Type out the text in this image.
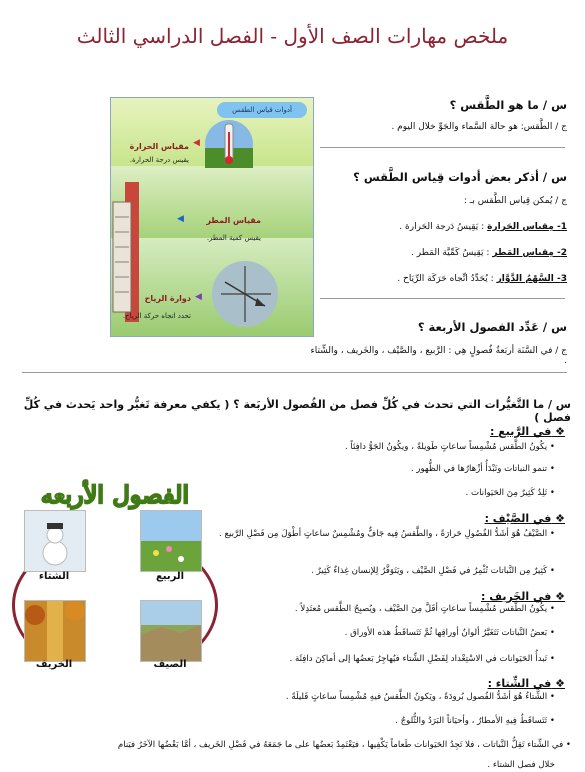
ملخص مهارات الصف الأول - الفصل الدراسي الثالث
أدوات قياس الطقس
◀
مقياس الحرارة
يقيس درجة الحرارة.
◀	مقياس المطر
يقيس كمية المطر.
◀
دوارة الرياح
تحدد اتجاه حركة الرياح.
س / ما هو الطَّقس ؟
ج / الطَّقس: هو حالة السَّماء والجَوِّ خلال اليوم .
س / أذكر بعض أدوات قِياس الطَّقس ؟
ج / يُمكن قِياس الطَّقس بـ :
1- مِقياس الحَرارة : يَقِيسُ دَرجة الحَرارة .
2- مِقياس المَطر : يَقِيسُ كَمِّيَّة المَطر .
3- السَّهْمُ الدَّوَّار : يُحَدِّدُ اتِّجاه حَرَكَة الرِّيَاح .
س / عَدِّد الفصول الأربعة ؟
ج / في السَّنَة أربَعةُ فُصولٍ هِي : الرَّبيع ، والصَّيْف ، والخَريف ، والشِّتاء .
س / ما التَّغيُّرات التي تحدث في كُلِّ فصل من الفُصول الأربَعة ؟ ( يكفي معرفة تَغيُّر واحد يَحدث في كُلِّ فصل )
الفصول الأربعه
الربيع
الشتاء
الصيف
الخريف
❖ في الرَّبيع :
• يكُونُ الطَّقس مُشْمِساً ساعاتٍ طَويلةً ، ويكُونُ الجَوُّ دافِئاً .
• تنمو النباتات وتَبْدَأُ أزْهارُها في الظُّهور .
• تَلِدُ كَثِيرٌ مِنَ الحَيَوانات .
❖ في الصَّيْف :
• الصَّيْفُ هُوَ أشَدُّ الفُصُولِ حَرارَةً ، والطَّقسُ فِيه جَافٌّ ومُشْمِسٌ ساعاتٍ أطْوَلَ مِن فَصْلِ الرَّبيع .
• كَثِيرٌ مِن النَّباتات تُثْمِرُ في فَصْلِ الصَّيْف ، ويَتَوَفَّرُ لِلإنسان غِذاءٌ كَثِيرٌ .
❖ في الخَريف :
• يكُونُ الطَّقس مُشْمِساً ساعاتٍ أقَلَّ مِنَ الصَّيْف ، ويُصبِحُ الطَّقس مُعتَدِلاً .
• بَعضُ النَّباتات تَتَغَيَّرُ ألوانُ أوراقِها ثُمَّ تَتَساقَطُ هذه الأوراق .
• تَبدأُ الحَيَوانات في الاسْتِعْداد لِفَصْلِ الشِّتاء فيُهاجِرُ بَعضُها إلى أماكِنَ دافِئَة .
❖ في الشِّتاء :
• الشِّتاءُ هُوَ أشَدُّ الفُصول بُرودَةً ، ويَكونُ الطَّقسُ فيهِ مُشْمِساً ساعاتٍ قَليلَةً .
• تَتَساقَطُ فِيهِ الأمطارُ ، وأحيَاناً البَرَدُ والثُّلوجُ .
• في الشِّتاء تَقِلُّ النَّباتات ، فلا تَجِدُ الحَيَوانات طَعاماً يَكْفِيها ، فيَعْتَمِدُ بَعضُها على ما جَمَعَهُ في فَصْلِ الخَريف ، أمَّا بَعْضُها الآخَرُ فيَنام
خلال فصل الشتاء .
